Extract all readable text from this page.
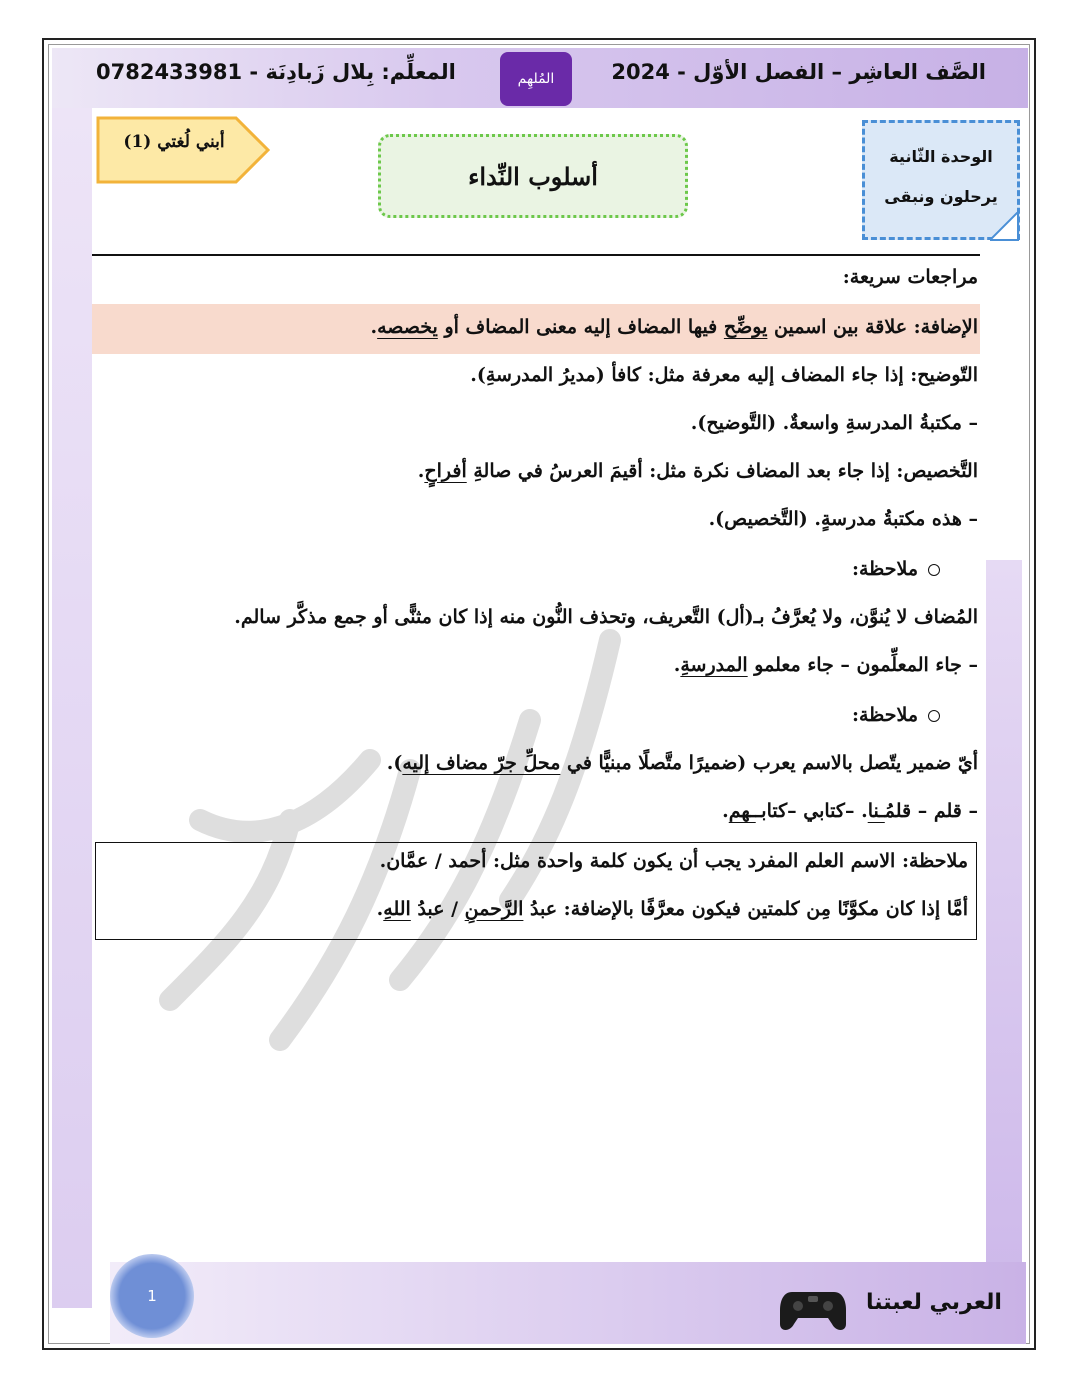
الصَّف العاشِر – الفصل الأوّل - 2024
المُلهِم
المعلِّم: بِلال زَبادِنَة - 0782433981
الوحدة الثّانية
يرحلون ونبقى
أسلوب النِّداء
أبني لُغتي (1)
مراجعات سريعة:
الإضافة: علاقة بين اسمين يوضِّح فيها المضاف إليه معنى المضاف أو يخصصه.
التّوضيح: إذا جاء المضاف إليه معرفة مثل: كافأ (مديرُ المدرسةِ).
– مكتبةُ المدرسةِ واسعةٌ. (التَّوضيح).
التَّخصيص: إذا جاء بعد المضاف نكرة مثل: أقيمَ العرسُ في صالةِ أفراحٍ.
– هذه مكتبةُ مدرسةٍ. (التَّخصيص).
ملاحظة:
المُضاف لا يُنوَّن، ولا يُعرَّفُ بـ(أل) التَّعريف، وتحذف النُّون منه إذا كان مثنًّى أو جمع مذكَّر سالم.
– جاء المعلِّمون – جاء معلمو المدرسةِ.
ملاحظة:
أيّ ضمير يتّصل بالاسم يعرب (ضميرًا متَّصلًا مبنيًّا في محلِّ جرّ مضاف إليه).
– قلم – قلمُـنا. –كتابي –كتابــهم.
ملاحظة: الاسم العلم المفرد يجب أن يكون كلمة واحدة مثل: أحمد / عمَّان.
أمَّا إذا كان مكوَّنًا مِن كلمتين فيكون معرَّفًا بالإضافة: عبدُ الرَّحمنِ / عبدُ اللهِ.
1	العربي لعبتنا
